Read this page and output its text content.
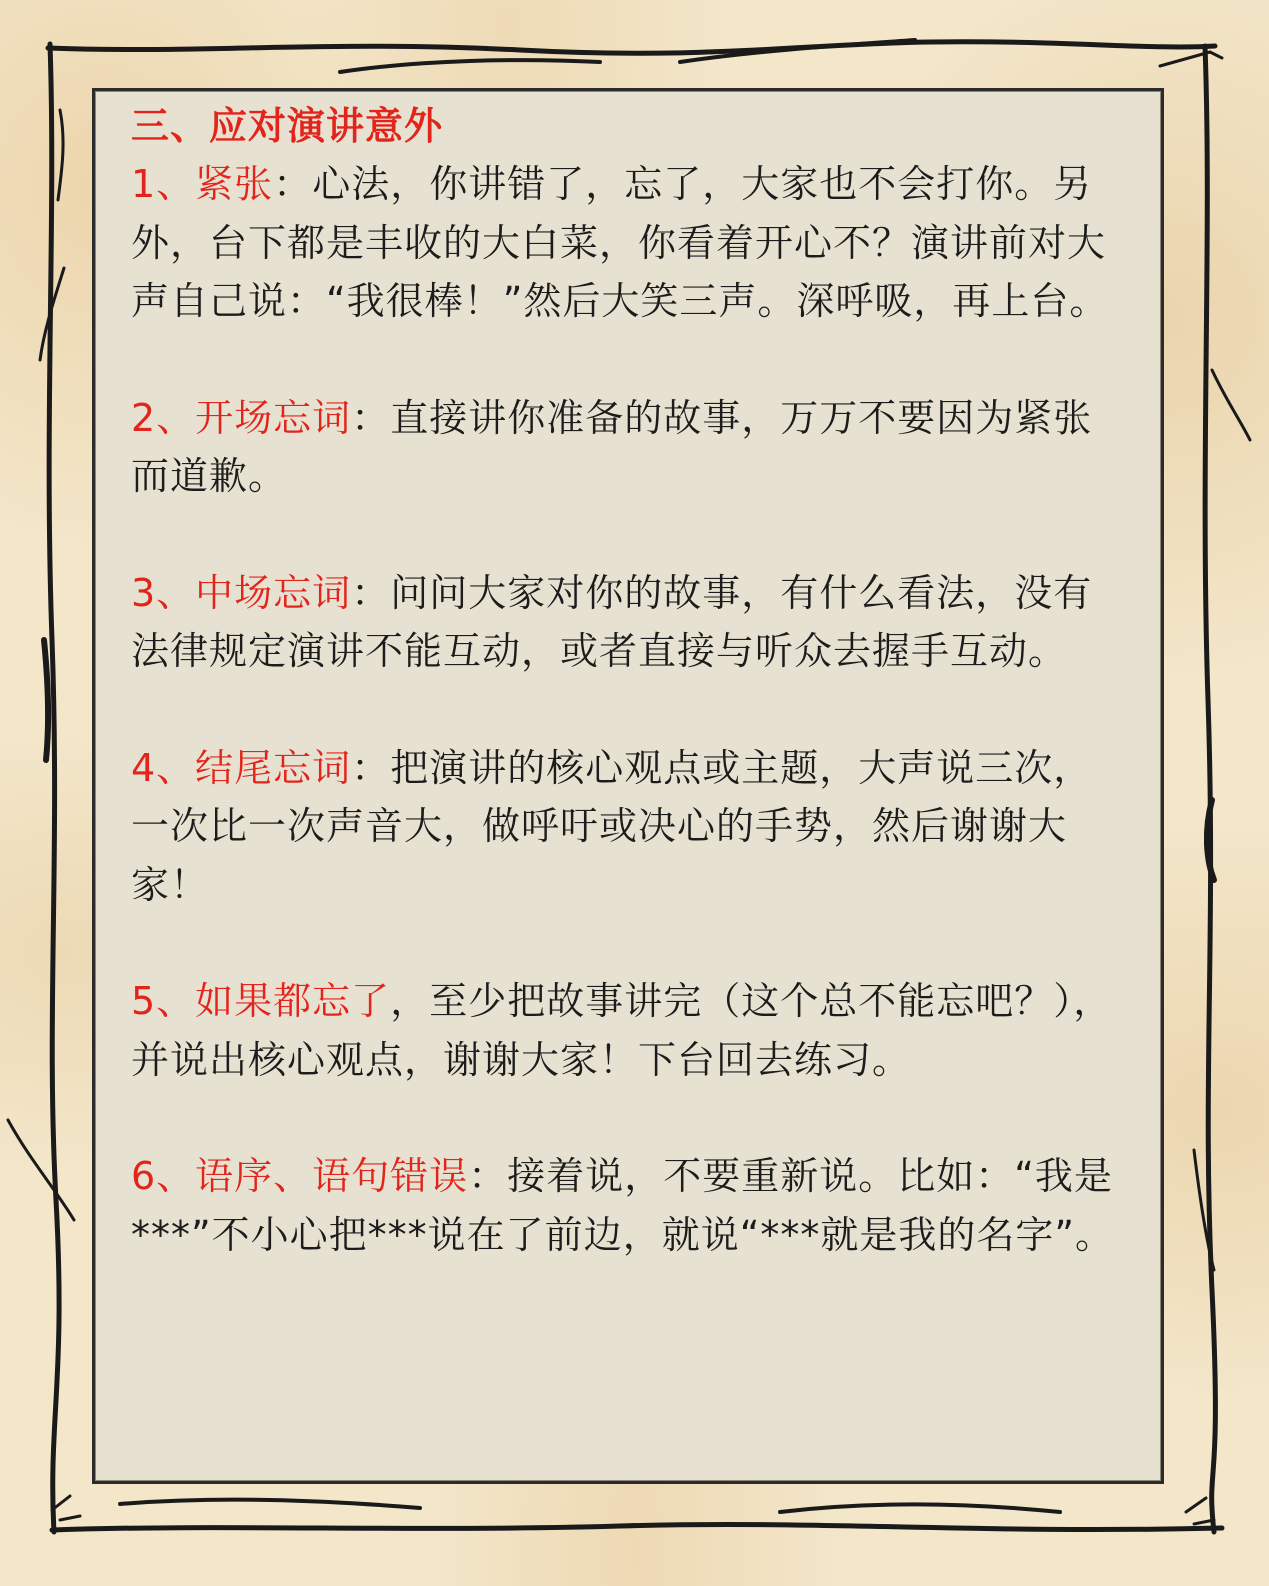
三、应对演讲意外

1、紧张：心法，你讲错了，忘了，大家也不会打你。另外，台下都是丰收的大白菜，你看着开心不？演讲前对大声自己说：“我很棒！”然后大笑三声。深呼吸，再上台。

2、开场忘词：直接讲你准备的故事，万万不要因为紧张而道歉。

3、中场忘词：问问大家对你的故事，有什么看法，没有法律规定演讲不能互动，或者直接与听众去握手互动。

4、结尾忘词：把演讲的核心观点或主题，大声说三次，一次比一次声音大，做呼吁或决心的手势，然后谢谢大家！

5、如果都忘了，至少把故事讲完（这个总不能忘吧？），并说出核心观点，谢谢大家！下台回去练习。

6、语序、语句错误：接着说，不要重新说。比如：“我是***”不小心把***说在了前边，就说“***就是我的名字”。
